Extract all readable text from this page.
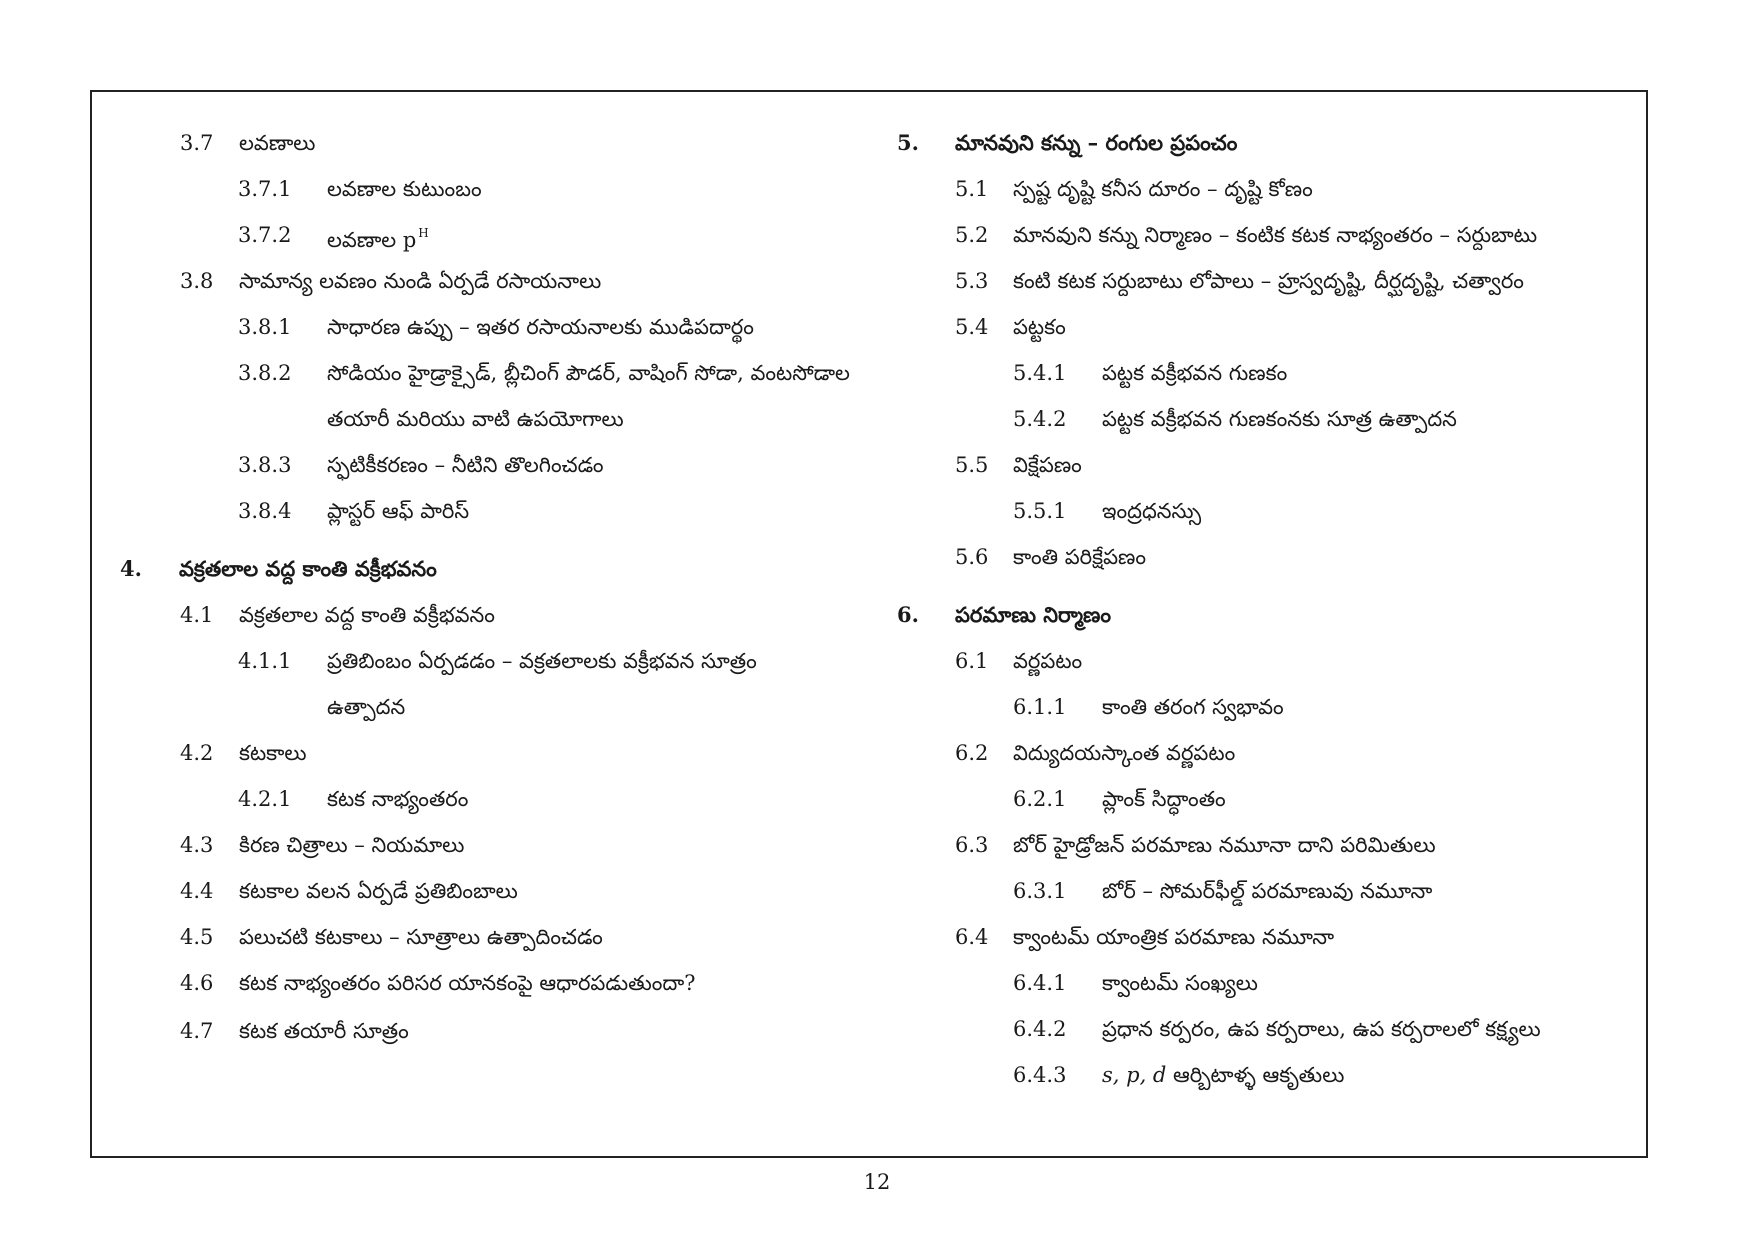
3.7 లవణాలు
3.7.1 లవణాల కుటుంబం
3.7.2 లవణాల p $^H$
3.8 సామాన్య లవణం నుండి ఏర్పడే రసాయనాలు
3.8.1 సాధారణ ఉప్పు – ఇతర రసాయనాలకు ముడిపదార్థం
3.8.2 సోడియం హైడ్రాక్సైడ్, బ్లీచింగ్ పౌడర్, వాషింగ్ సోడా, వంటసోడాల
తయారీ మరియు వాటి ఉపయోగాలు
3.8.3 స్ఫటికీకరణం – నీటిని తొలగించడం
3.8.4 ప్లాస్టర్ ఆఫ్ పారిస్
4. వక్రతలాల వద్ద కాంతి వక్రీభవనం
4.1 వక్రతలాల వద్ద కాంతి వక్రీభవనం
4.1.1 ప్రతిబింబం ఏర్పడడం – వక్రతలాలకు వక్రీభవన సూత్రం
ఉత్పాదన
4.2 కటకాలు
4.2.1 కటక నాభ్యంతరం
4.3 కిరణ చిత్రాలు – నియమాలు
4.4 కటకాల వలన ఏర్పడే ప్రతిబింబాలు
4.5 పలుచటి కటకాలు – సూత్రాలు ఉత్పాదించడం
4.6 కటక నాభ్యంతరం పరిసర యానకంపై ఆధారపడుతుందా?
4.7 కటక తయారీ సూత్రం
5. మానవుని కన్ను – రంగుల ప్రపంచం
5.1 స్పష్ట దృష్టి కనీస దూరం – దృష్టి కోణం
5.2 మానవుని కన్ను నిర్మాణం – కంటిక కటక నాభ్యంతరం – సర్దుబాటు
5.3 కంటి కటక సర్దుబాటు లోపాలు – హ్రస్వదృష్టి, దీర్ఘదృష్టి, చత్వారం
5.4 పట్టకం
5.4.1 పట్టక వక్రీభవన గుణకం
5.4.2 పట్టక వక్రీభవన గుణకంనకు సూత్ర ఉత్పాదన
5.5 విక్షేపణం
5.5.1 ఇంద్రధనస్సు
5.6 కాంతి పరిక్షేపణం
6. పరమాణు నిర్మాణం
6.1 వర్ణపటం
6.1.1 కాంతి తరంగ స్వభావం
6.2 విద్యుదయస్కాంత వర్ణపటం
6.2.1 ప్లాంక్ సిద్ధాంతం
6.3 బోర్ హైడ్రోజన్ పరమాణు నమూనా దాని పరిమితులు
6.3.1 బోర్ – సోమర్‌ఫీల్డ్ పరమాణువు నమూనా
6.4 క్వాంటమ్ యాంత్రిక పరమాణు నమూనా
6.4.1 క్వాంటమ్ సంఖ్యలు
6.4.2 ప్రధాన కర్పరం, ఉప కర్పరాలు, ఉప కర్పరాలలో కక్ష్యలు
6.4.3 s, p, d ఆర్బిటాళ్ళ ఆకృతులు
12
